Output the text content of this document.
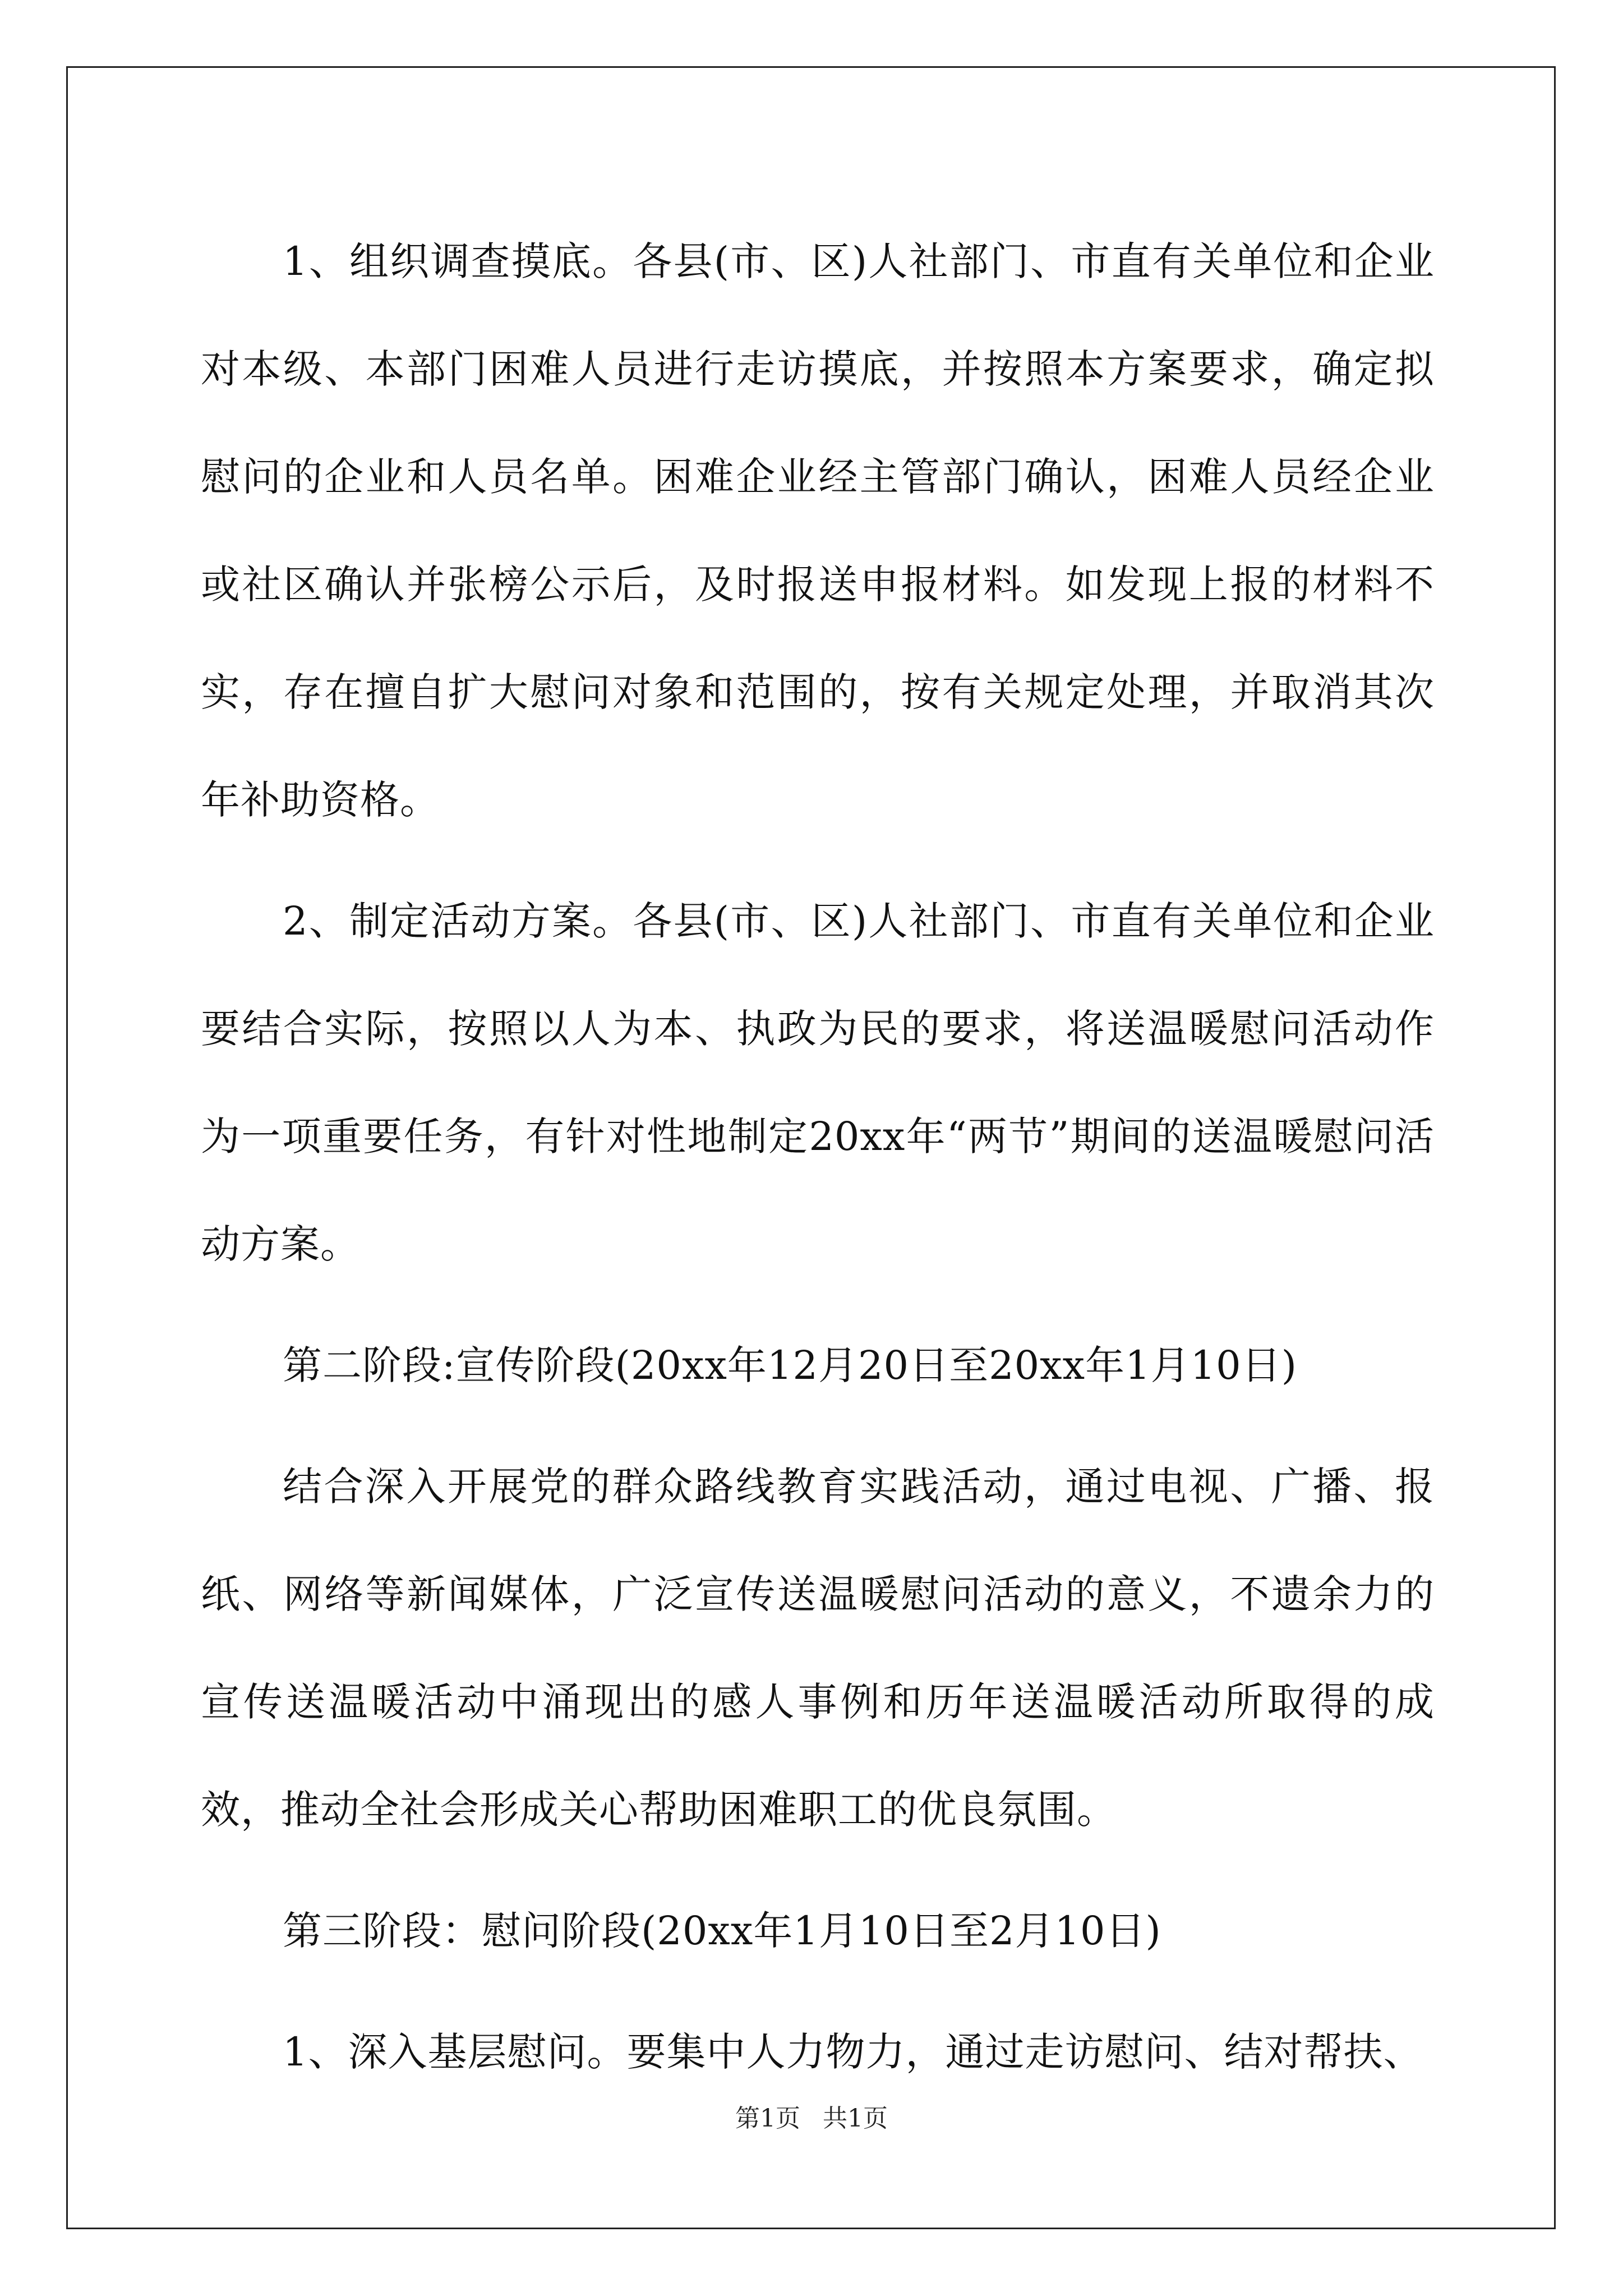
1、组织调查摸底。各县(市、区)人社部门、市直有关单位和企业对本级、本部门困难人员进行走访摸底，并按照本方案要求，确定拟慰问的企业和人员名单。困难企业经主管部门确认，困难人员经企业或社区确认并张榜公示后，及时报送申报材料。如发现上报的材料不实，存在擅自扩大慰问对象和范围的，按有关规定处理，并取消其次年补助资格。

2、制定活动方案。各县(市、区)人社部门、市直有关单位和企业要结合实际，按照以人为本、执政为民的要求，将送温暖慰问活动作为一项重要任务，有针对性地制定20xx年“两节”期间的送温暖慰问活动方案。

第二阶段:宣传阶段(20xx年12月20日至20xx年1月10日)

结合深入开展党的群众路线教育实践活动，通过电视、广播、报纸、网络等新闻媒体，广泛宣传送温暖慰问活动的意义，不遗余力的宣传送温暖活动中涌现出的感人事例和历年送温暖活动所取得的成效，推动全社会形成关心帮助困难职工的优良氛围。

第三阶段：慰问阶段(20xx年1月10日至2月10日)

1、深入基层慰问。要集中人力物力，通过走访慰问、结对帮扶、

第1页 共1页
